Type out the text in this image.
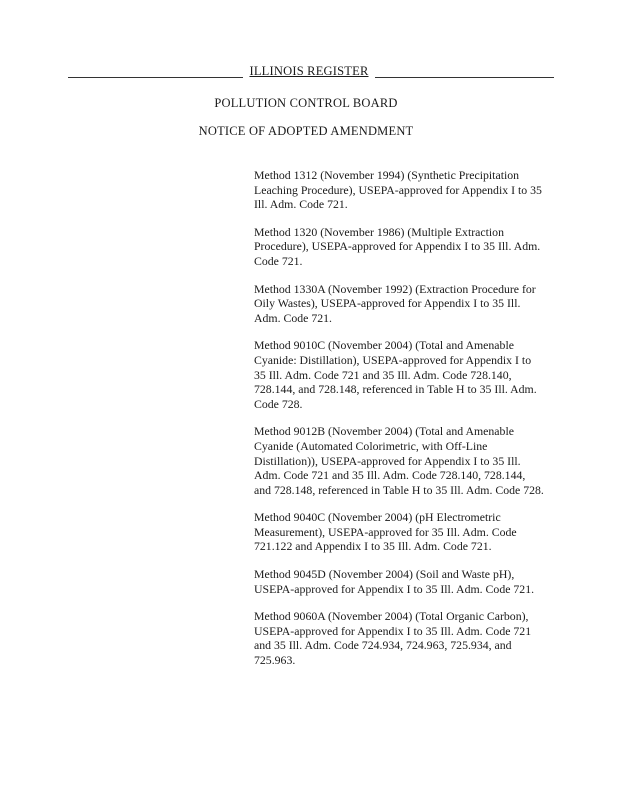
ILLINOIS REGISTER
POLLUTION CONTROL BOARD
NOTICE OF ADOPTED AMENDMENT

Method 1312 (November 1994) (Synthetic Precipitation Leaching Procedure), USEPA-approved for Appendix I to 35 Ill. Adm. Code 721.

Method 1320 (November 1986) (Multiple Extraction Procedure), USEPA-approved for Appendix I to 35 Ill. Adm. Code 721.

Method 1330A (November 1992) (Extraction Procedure for Oily Wastes), USEPA-approved for Appendix I to 35 Ill. Adm. Code 721.

Method 9010C (November 2004) (Total and Amenable Cyanide: Distillation), USEPA-approved for Appendix I to 35 Ill. Adm. Code 721 and 35 Ill. Adm. Code 728.140, 728.144, and 728.148, referenced in Table H to 35 Ill. Adm. Code 728.

Method 9012B (November 2004) (Total and Amenable Cyanide (Automated Colorimetric, with Off-Line Distillation)), USEPA-approved for Appendix I to 35 Ill. Adm. Code 721 and 35 Ill. Adm. Code 728.140, 728.144, and 728.148, referenced in Table H to 35 Ill. Adm. Code 728.

Method 9040C (November 2004) (pH Electrometric Measurement), USEPA-approved for 35 Ill. Adm. Code 721.122 and Appendix I to 35 Ill. Adm. Code 721.

Method 9045D (November 2004) (Soil and Waste pH), USEPA-approved for Appendix I to 35 Ill. Adm. Code 721.

Method 9060A (November 2004) (Total Organic Carbon), USEPA-approved for Appendix I to 35 Ill. Adm. Code 721 and 35 Ill. Adm. Code 724.934, 724.963, 725.934, and 725.963.
